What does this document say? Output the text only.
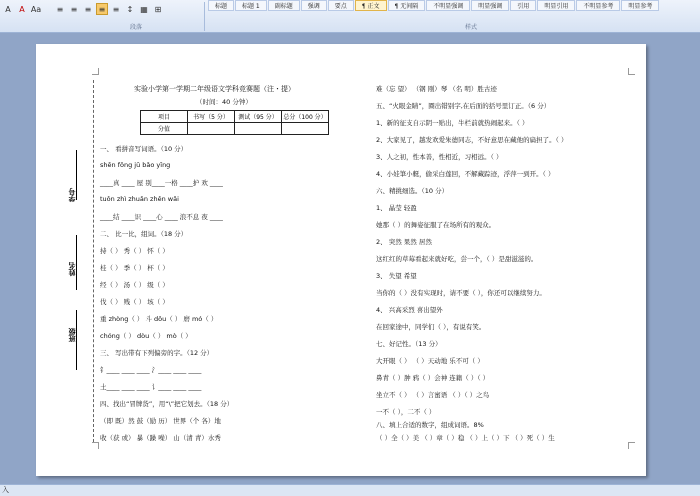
A	A Aa	≡ ≡ ≡ ≡ ≡ ↕ ▦ ⊞
段落
标题	标题 1	副标题	强调	要点	¶ 正文	¶ 无间隔	不明显强调	明显强调	引用	明显引用	不明显参考	明显参考
样式
学号
姓名
班级
实验小学第一学期二年级语文学科竞赛题（注・提）
（时间：40 分钟）
项目	书写（5 分）	测试（95 分）	总分（100 分）
分值			
一、 看拼音写词语。（10 分）
shēn fǒng jū bǎo yīng
____真 ____ 屋 别____一格 ____护 欢 ____
tuǒn zhì zhuǎn zhěn wǎi
____结 ____识 ____心 ____ 浪不息 夜 ____
二、 比一比，组词。（18 分）
持（ ） 秀（ ） 怀（ ）
桂（ ） 季（ ） 杯（ ）
经（ ） 汤（ ） 级（ ）
伐（ ） 贱（ ） 垓（ ）
重 zhòng（ ） 斗 dǒu（ ） 磨 mó（ ）
chóng（ ） dòu（ ） mò（ ）
三、 写出带有下列偏旁的字。（12 分）
钅____ ____ ____ 氵____ ____ ____
土____ ____ ____ 讠____ ____ ____
四、找出“冒牌货”，用“\”把它划去。（18 分）
（即 既）然 鼓（励 历） 世界（个 各）地
收（获 或） 暴（躁 噪） 山（清 青）水秀
难（忘 望） （钢 刚）琴 （名 明）胜古迹
五、“火眼金睛”，圈出错别字,在后面的括号里订正。（6 分）
1、新的征支自示阴一贴出，牛栏前就热闹起来。（ ）
2、大家见了，越发欢爱朱德同志，不好意思在藏他的扁担了。（ ）
3、人之初，性本善，性相近，习相远。（ ）
4、小娃筆小艇，偷采白莲回，不解藏踪迹，浮萍一到开。（ ）
六、精挑细选。（10 分）
1、 晶莹 轻盈
她那（ ）的舞姿征服了在场所有的观众。
2、 突然 果然 居然
这红红的草莓看起来就好吃，尝一个，（ ）是甜滋滋的。
3、 失望 希望
当你的（ ）没有实现时，请不要（ ），你还可以继续努力。
4、 兴高采烈 喜出望外
在回家途中，同学们（ ），有说有笑。
七、好记性。（13 分）
大开眼（ ） （ ）天动地 乐不可（ ）
鼻青（ ）肿 鸦（ ）会神 连籍（ ）（ ）
坐立不（ ） （ ）言蜜语 （ ）（ ）之鸟
一不（ ），二不（ ）
八、填上合适的数字，组成词语。8%
（ ）全（ ）美 （ ）章（ ）稳 （ ）上（ ）下 （ ）死（ ）生
入
